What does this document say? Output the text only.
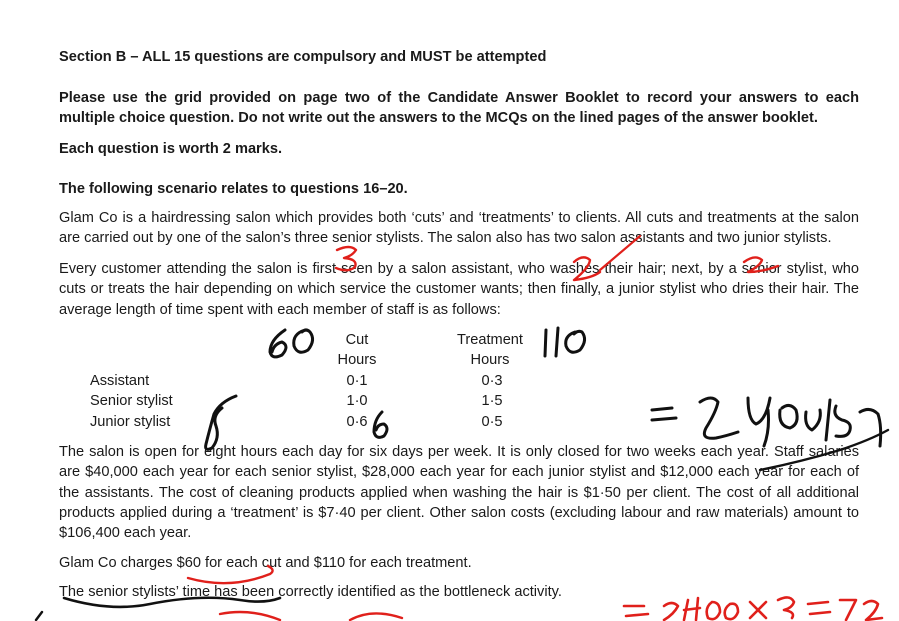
Section B – ALL 15 questions are compulsory and MUST be attempted

Please use the grid provided on page two of the Candidate Answer Booklet to record your answers to each multiple choice question. Do not write out the answers to the MCQs on the lined pages of the answer booklet.

Each question is worth 2 marks.

The following scenario relates to questions 16–20.

Glam Co is a hairdressing salon which provides both ‘cuts’ and ‘treatments’ to clients. All cuts and treatments at the salon are carried out by one of the salon’s three senior stylists. The salon also has two salon assistants and two junior stylists.

Every customer attending the salon is first seen by a salon assistant, who washes their hair; next, by a senior stylist, who cuts or treats the hair depending on which service the customer wants; then finally, a junior stylist who dries their hair. The average length of time spent with each member of staff is as follows:

Cut
Hours
Treatment
Hours
Assistant	0·1	0·3
Senior stylist	1·0	1·5
Junior stylist	0·6	0·5

The salon is open for eight hours each day for six days per week. It is only closed for two weeks each year. Staff salaries are $40,000 each year for each senior stylist, $28,000 each year for each junior stylist and $12,000 each year for each of the assistants. The cost of cleaning products applied when washing the hair is $1·50 per client. The cost of all additional products applied during a ‘treatment’ is $7·40 per client. Other salon costs (excluding labour and raw materials) amount to $106,400 each year.

Glam Co charges $60 for each cut and $110 for each treatment.

The senior stylists’ time has been correctly identified as the bottleneck activity.
